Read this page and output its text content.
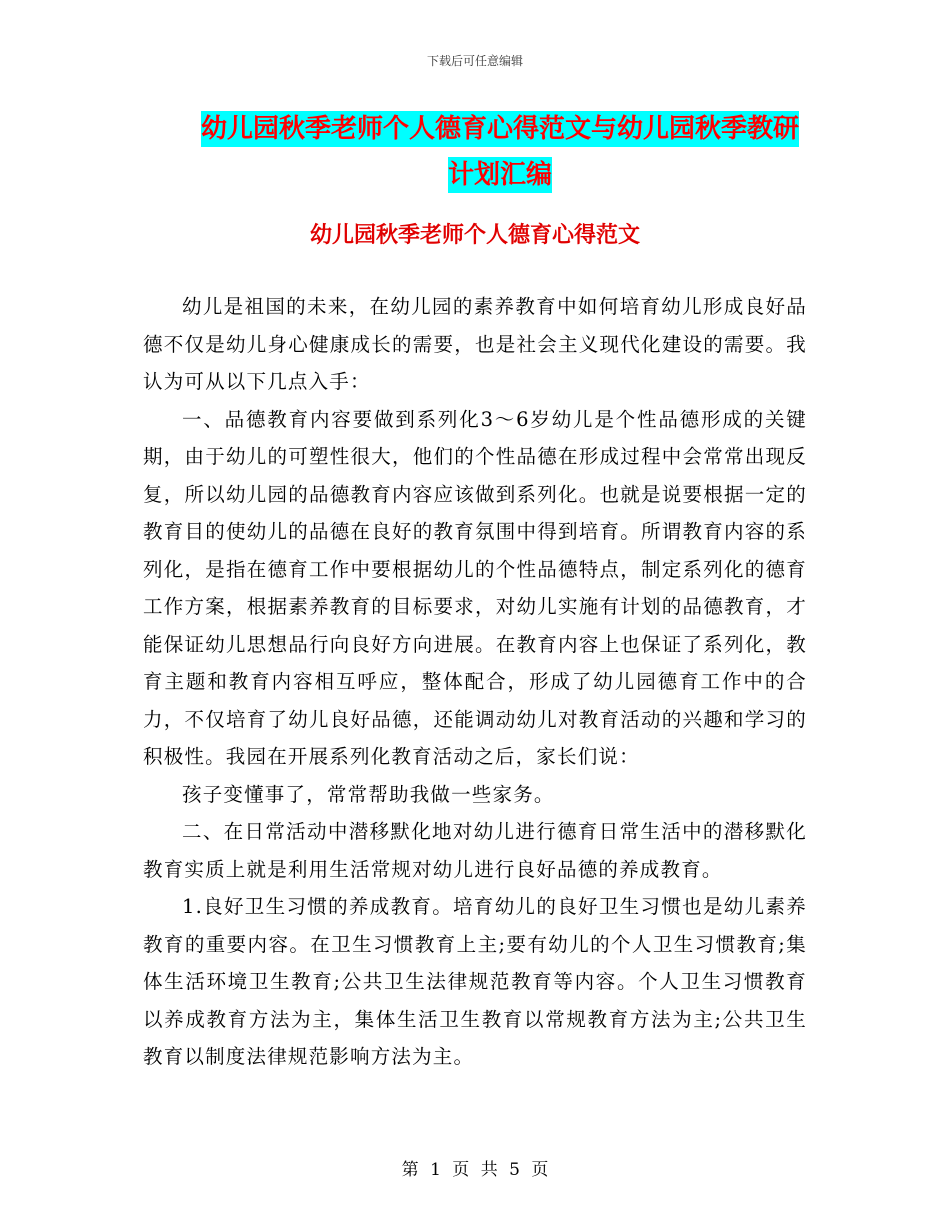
下载后可任意编辑
幼儿园秋季老师个人德育心得范文与幼儿园秋季教研计划汇编
幼儿园秋季老师个人德育心得范文

幼儿是祖国的未来，在幼儿园的素养教育中如何培育幼儿形成良好品德不仅是幼儿身心健康成长的需要，也是社会主义现代化建设的需要。我认为可从以下几点入手：

一、品德教育内容要做到系列化3～6岁幼儿是个性品德形成的关键期，由于幼儿的可塑性很大，他们的个性品德在形成过程中会常常出现反复，所以幼儿园的品德教育内容应该做到系列化。也就是说要根据一定的教育目的使幼儿的品德在良好的教育氛围中得到培育。所谓教育内容的系列化，是指在德育工作中要根据幼儿的个性品德特点，制定系列化的德育工作方案，根据素养教育的目标要求，对幼儿实施有计划的品德教育，才能保证幼儿思想品行向良好方向进展。在教育内容上也保证了系列化，教育主题和教育内容相互呼应，整体配合，形成了幼儿园德育工作中的合力，不仅培育了幼儿良好品德，还能调动幼儿对教育活动的兴趣和学习的积极性。我园在开展系列化教育活动之后，家长们说：

孩子变懂事了，常常帮助我做一些家务。

二、在日常活动中潜移默化地对幼儿进行德育日常生活中的潜移默化教育实质上就是利用生活常规对幼儿进行良好品德的养成教育。

1.良好卫生习惯的养成教育。培育幼儿的良好卫生习惯也是幼儿素养教育的重要内容。在卫生习惯教育上主;要有幼儿的个人卫生习惯教育;集体生活环境卫生教育;公共卫生法律规范教育等内容。个人卫生习惯教育以养成教育方法为主，集体生活卫生教育以常规教育方法为主;公共卫生教育以制度法律规范影响方法为主。

第 1 页 共 5 页
